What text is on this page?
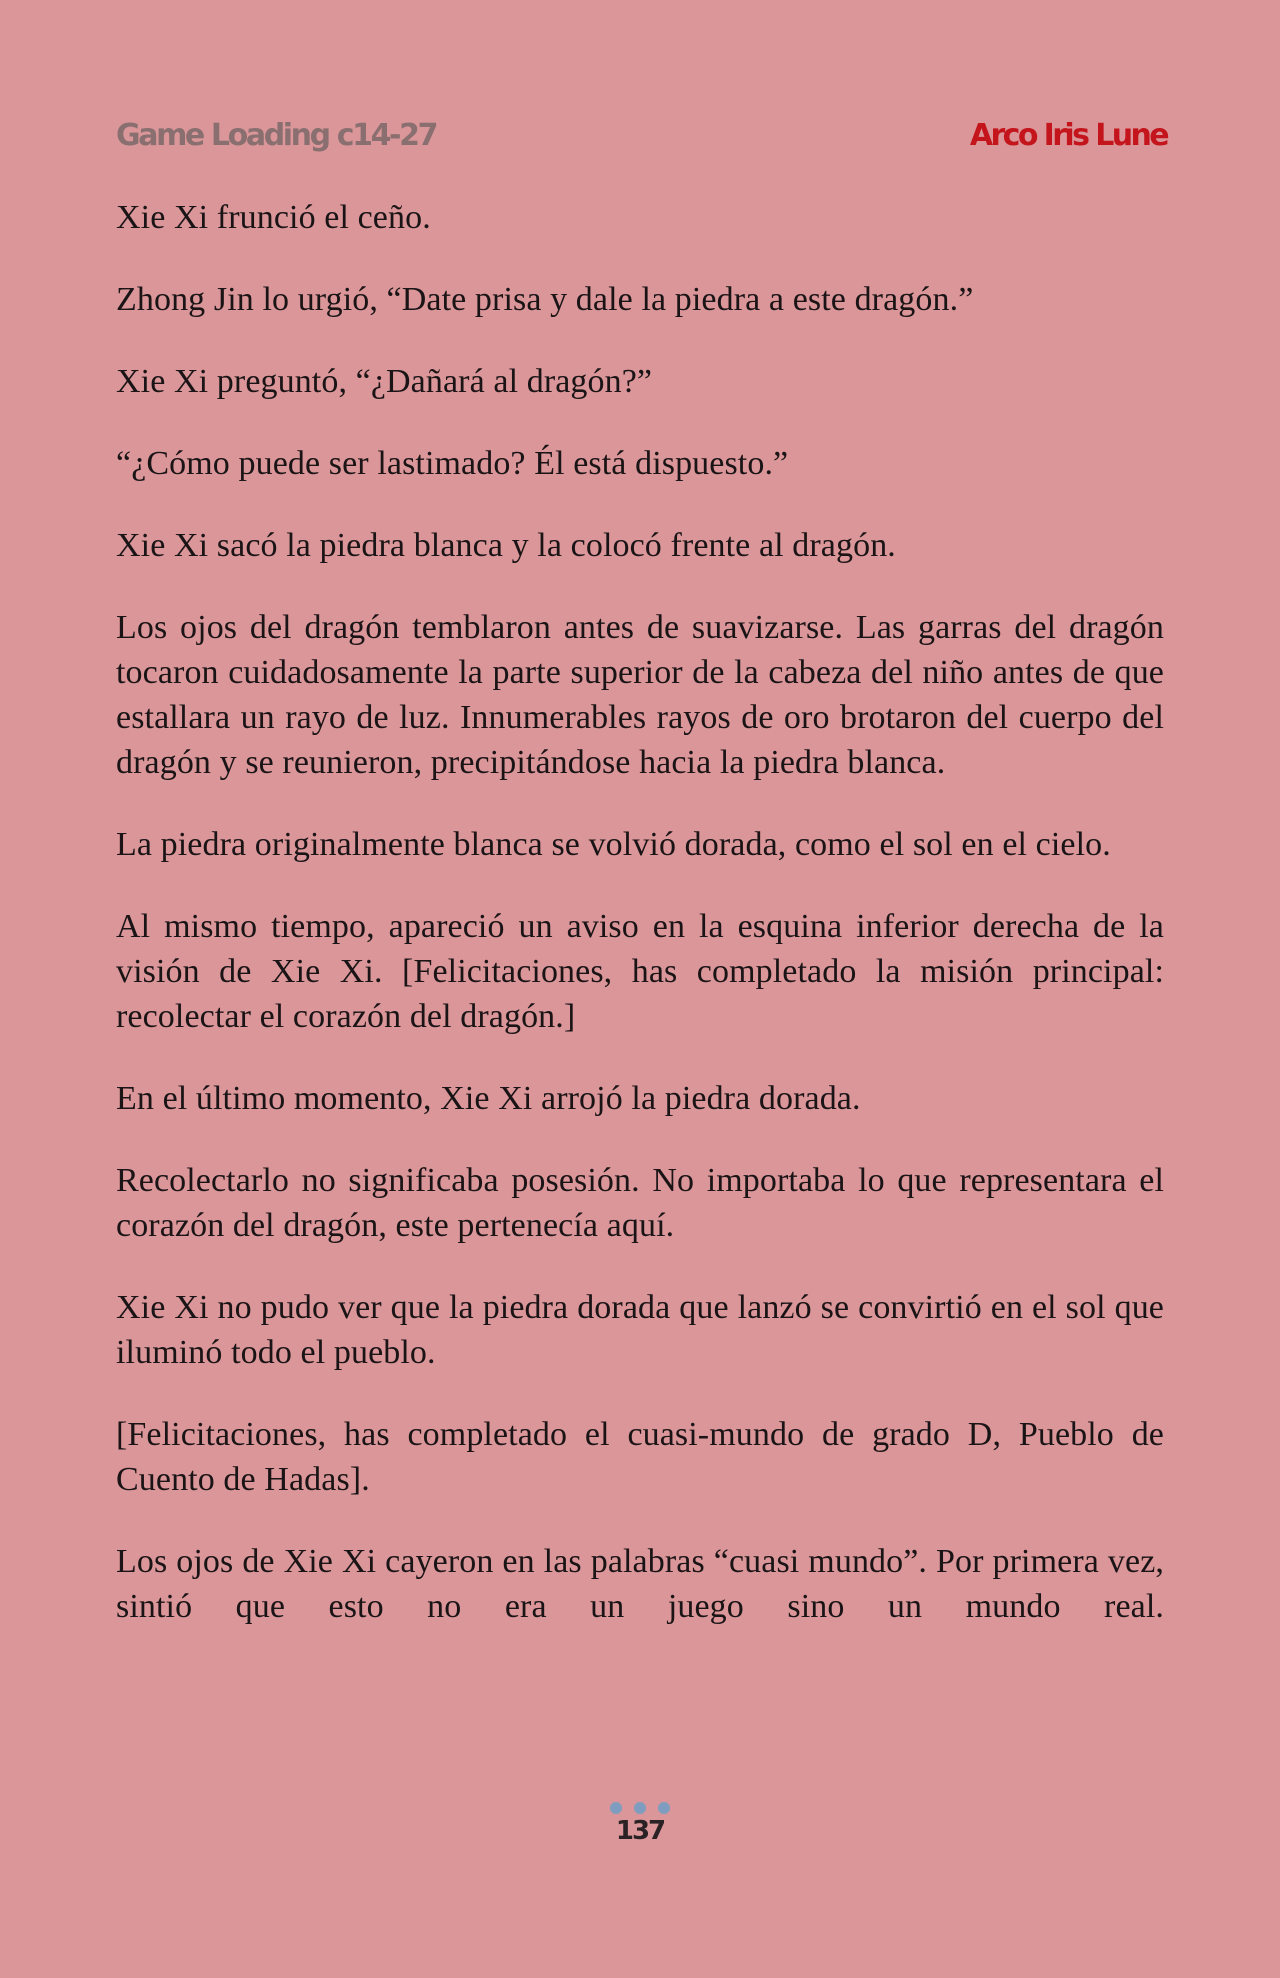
Game Loading c14-27	Arco Iris Lune

Xie Xi frunció el ceño.

Zhong Jin lo urgió, “Date prisa y dale la piedra a este dragón.”

Xie Xi preguntó, “¿Dañará al dragón?”

“¿Cómo puede ser lastimado? Él está dispuesto.”

Xie Xi sacó la piedra blanca y la colocó frente al dragón.

Los ojos del dragón temblaron antes de suavizarse. Las garras del dragón tocaron cuidadosamente la parte superior de la cabeza del niño antes de que estallara un rayo de luz. Innumerables rayos de oro brotaron del cuerpo del dragón y se reunieron, precipitándose hacia la piedra blanca.

La piedra originalmente blanca se volvió dorada, como el sol en el cielo.

Al mismo tiempo, apareció un aviso en la esquina inferior derecha de la visión de Xie Xi. [Felicitaciones, has completado la misión principal: recolectar el corazón del dragón.]

En el último momento, Xie Xi arrojó la piedra dorada.

Recolectarlo no significaba posesión. No importaba lo que representara el corazón del dragón, este pertenecía aquí.

Xie Xi no pudo ver que la piedra dorada que lanzó se convirtió en el sol que iluminó todo el pueblo.

[Felicitaciones, has completado el cuasi-mundo de grado D, Pueblo de Cuento de Hadas].

Los ojos de Xie Xi cayeron en las palabras “cuasi mundo”. Por primera vez, sintió que esto no era un juego sino un mundo real.

137
